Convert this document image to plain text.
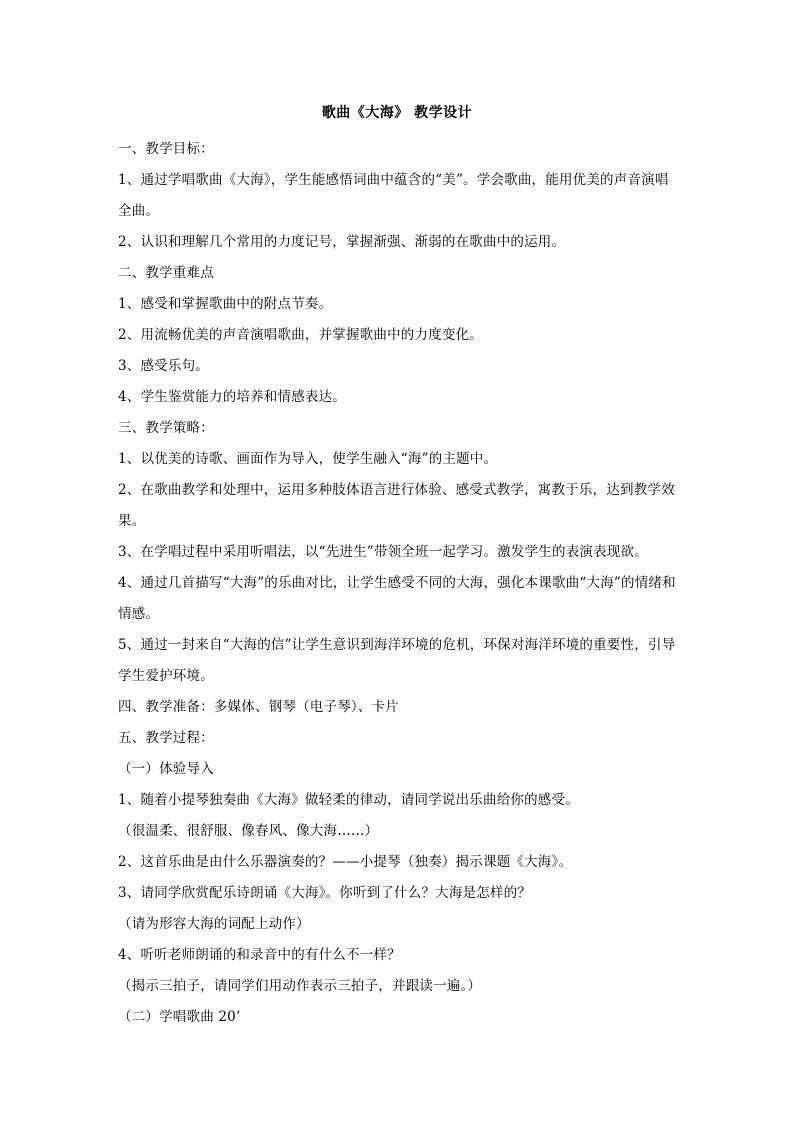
歌曲《大海》 教学设计

一、教学目标：

1、通过学唱歌曲《大海》，学生能感悟词曲中蕴含的“美”。学会歌曲，能用优美的声音演唱全曲。

2、认识和理解几个常用的力度记号，掌握渐强、渐弱的在歌曲中的运用。

二、教学重难点

1、感受和掌握歌曲中的附点节奏。

2、用流畅优美的声音演唱歌曲，并掌握歌曲中的力度变化。

3、感受乐句。

4、学生鉴赏能力的培养和情感表达。

三、教学策略：

1、以优美的诗歌、画面作为导入，使学生融入“海”的主题中。

2、在歌曲教学和处理中，运用多种肢体语言进行体验、感受式教学，寓教于乐，达到教学效果。

3、在学唱过程中采用听唱法，以“先进生”带领全班一起学习。激发学生的表演表现欲。

4、通过几首描写“大海”的乐曲对比，让学生感受不同的大海，强化本课歌曲“大海”的情绪和情感。

5、通过一封来自“大海的信”让学生意识到海洋环境的危机，环保对海洋环境的重要性，引导学生爱护环境。

四、教学准备：多媒体、钢琴（电子琴）、卡片

五、教学过程：

（一）体验导入

1、随着小提琴独奏曲《大海》做轻柔的律动，请同学说出乐曲给你的感受。

（很温柔、很舒服、像春风、像大海……）

2、这首乐曲是由什么乐器演奏的？——小提琴（独奏）揭示课题《大海》。

3、请同学欣赏配乐诗朗诵《大海》。你听到了什么？大海是怎样的？

（请为形容大海的词配上动作）

4、听听老师朗诵的和录音中的有什么不一样？

（揭示三拍子，请同学们用动作表示三拍子，并跟读一遍。）

（二）学唱歌曲 20’
